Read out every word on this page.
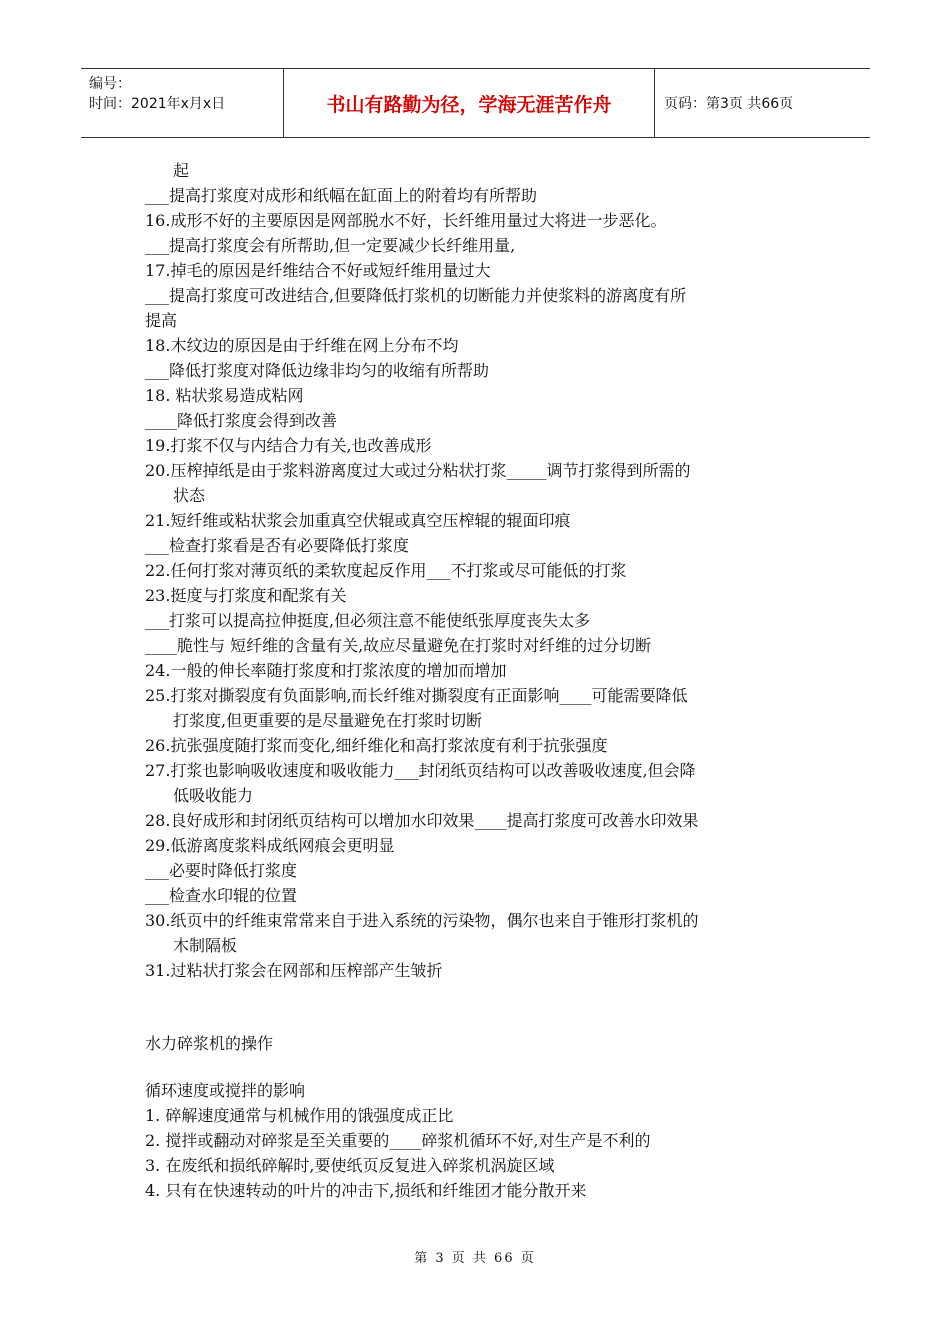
编号：
时间：2021年x月x日	书山有路勤为径，学海无涯苦作舟	页码：第3页 共66页
起
___提高打浆度对成形和纸幅在缸面上的附着均有所帮助
16.成形不好的主要原因是网部脱水不好，长纤维用量过大将进一步恶化。
___提高打浆度会有所帮助,但一定要减少长纤维用量,
17.掉毛的原因是纤维结合不好或短纤维用量过大
___提高打浆度可改进结合,但要降低打浆机的切断能力并使浆料的游离度有所
提高
18.木纹边的原因是由于纤维在网上分布不均
___降低打浆度对降低边缘非均匀的收缩有所帮助
18. 粘状浆易造成粘网
____降低打浆度会得到改善
19.打浆不仅与内结合力有关,也改善成形
20.压榨掉纸是由于浆料游离度过大或过分粘状打浆_____调节打浆得到所需的
状态
21.短纤维或粘状浆会加重真空伏辊或真空压榨辊的辊面印痕
___检查打浆看是否有必要降低打浆度
22.任何打浆对薄页纸的柔软度起反作用___不打浆或尽可能低的打浆
23.挺度与打浆度和配浆有关
___打浆可以提高拉伸挺度,但必须注意不能使纸张厚度丧失太多
____脆性与 短纤维的含量有关,故应尽量避免在打浆时对纤维的过分切断
24.一般的伸长率随打浆度和打浆浓度的增加而增加
25.打浆对撕裂度有负面影响,而长纤维对撕裂度有正面影响____可能需要降低
打浆度,但更重要的是尽量避免在打浆时切断
26.抗张强度随打浆而变化,细纤维化和高打浆浓度有利于抗张强度
27.打浆也影响吸收速度和吸收能力___封闭纸页结构可以改善吸收速度,但会降
低吸收能力
28.良好成形和封闭纸页结构可以增加水印效果____提高打浆度可改善水印效果
29.低游离度浆料成纸网痕会更明显
___必要时降低打浆度
___检查水印辊的位置
30.纸页中的纤维束常常来自于进入系统的污染物，偶尔也来自于锥形打浆机的
木制隔板
31.过粘状打浆会在网部和压榨部产生皱折
水力碎浆机的操作
循环速度或搅拌的影响
1. 碎解速度通常与机械作用的饿强度成正比
2. 搅拌或翻动对碎浆是至关重要的____碎浆机循环不好,对生产是不利的
3. 在废纸和损纸碎解时,要使纸页反复进入碎浆机涡旋区域
4. 只有在快速转动的叶片的冲击下,损纸和纤维团才能分散开来
第 3 页 共 66 页
